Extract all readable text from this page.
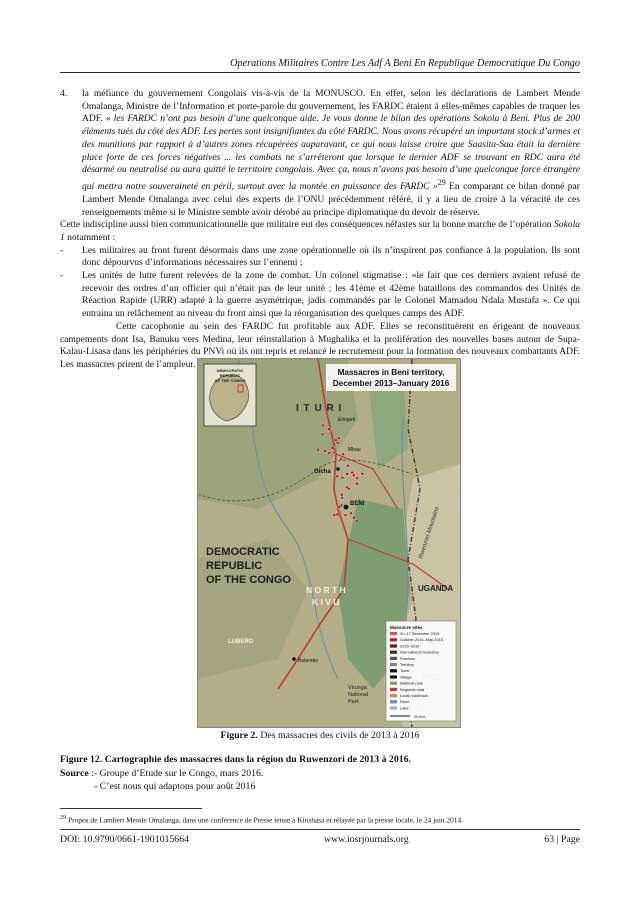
Operations Militaires Contre Les Adf A Beni En Republique Democratique Du Congo
4.	la méfiance du gouvernement Congolais vis-à-vis de la MONUSCO. En effet, selon les déclarations de Lambert Mende Omalanga, Ministre de l’Information et porte-parole du gouvernement, les FARDC étaient à elles-mêmes capables de traquer les ADF. « les FARDC n’ont pas besoin d’une quelconque aide. Je vous donne le bilan des opérations Sokola à Beni. Plus de 200 éléments tués du côté des ADF. Les pertes sont insignifiantes du côté FARDC. Nous avons récupéré un important stock d’armes et des munitions par rapport à d’autres zones récupérées auparavant, ce qui nous laisse croire que Saasita-Saa était la dernière place forte de ces forces négatives ... les combats ne s’arrêteront que lorsque le dernier ADF se trouvant en RDC aura été désarmé ou neutralisé ou aura quitté le territoire congolais. Avec ça, nous n’avons pas besoin d’une quelconque force étrangère qui mettra notre souveraineté en péril, surtout avec la montée en puissance des FARDC »$^{29}$ En comparant ce bilan donné par Lambert Mende Omalanga avec celui des experts de l’ONU précédemment référé, il y a lieu de croire à la véracité de ces renseignements même si le Ministre semble avoir dérobé au principe diplomatique du devoir de réserve.

Cette indiscipline aussi bien communicationnelle que militaire eut des conséquences néfastes sur la bonne marche de l’opération Sokola 1 notamment :

-	Les militaires au front furent désormais dans une zone opérationnelle où ils n’inspirent pas confiance à la population. Ils sont donc dépourvus d’informations nécessaires sur l’ennemi ;
-	Les unités de lutte furent relevées de la zone de combat. Un colonel stigmatise : «le fait que ces derniers avaient refusé de recevoir des ordres d’un officier qui n’était pas de leur unité ; les 41ème et 42ème bataillons des commandos des Unités de Réaction Rapide (URR) adapté à la guerre asymétrique, jadis commandés par le Colonel Mamadou Ndala Mustafa ». Ce qui entraina un relâchement au niveau du front ainsi que la réorganisation des quelques camps des ADF.

Cette cacophonie au sein des FARDC fut profitable aux ADF. Elles se reconstituèrent en érigeant de nouveaux campements dont Isa, Banuku vers Medina, leur réinstallation à Mughalika et la prolifération des nouvelles bases autour de Supa-Kalau-Lisasa dans les périphéries du PNVi où ils ont repris et relancé le recrutement pour la formation des nouveaux combattants ADF. Les massacres prirent de l’ampleur.

Massacres in Beni territory,
December 2013–January 2016
DEMOCRATIC
REPUBLIC
OF THE CONGO
I T U R I
DEMOCRATIC
REPUBLIC
OF THE CONGO
N O R T H
K I V U
UGANDA
Rwenzori Mountains
BENI
Oicha
Eringeti
Mbau
Butembo
LUBERO
Virunga
National
Park
Massacre sites
11–17 December 2013
October 2014–May 2015
2015–2016
International boundary
Province
Territory
Town
Village
National park
Regional road
Local road/track
River
Lake
20 km
Figure 2. Des massacres des civils de 2013 à 2016
Figure 12. Cartographie des massacres dans la région du Ruwenzori de 2013 à 2016.
Source :- Groupe d’Etude sur le Congo, mars 2016.
- C’est nous qui adaptons pour août 2016
$^{29}$ Propos de Lambert Mende Omalanga, dans une conférence de Presse tenue à Kinshasa et rélayée par la presse locale, le 24 juin 2014.
DOI: 10.9790/0661-1901015664	www.iosrjournals.org	63 | Page
